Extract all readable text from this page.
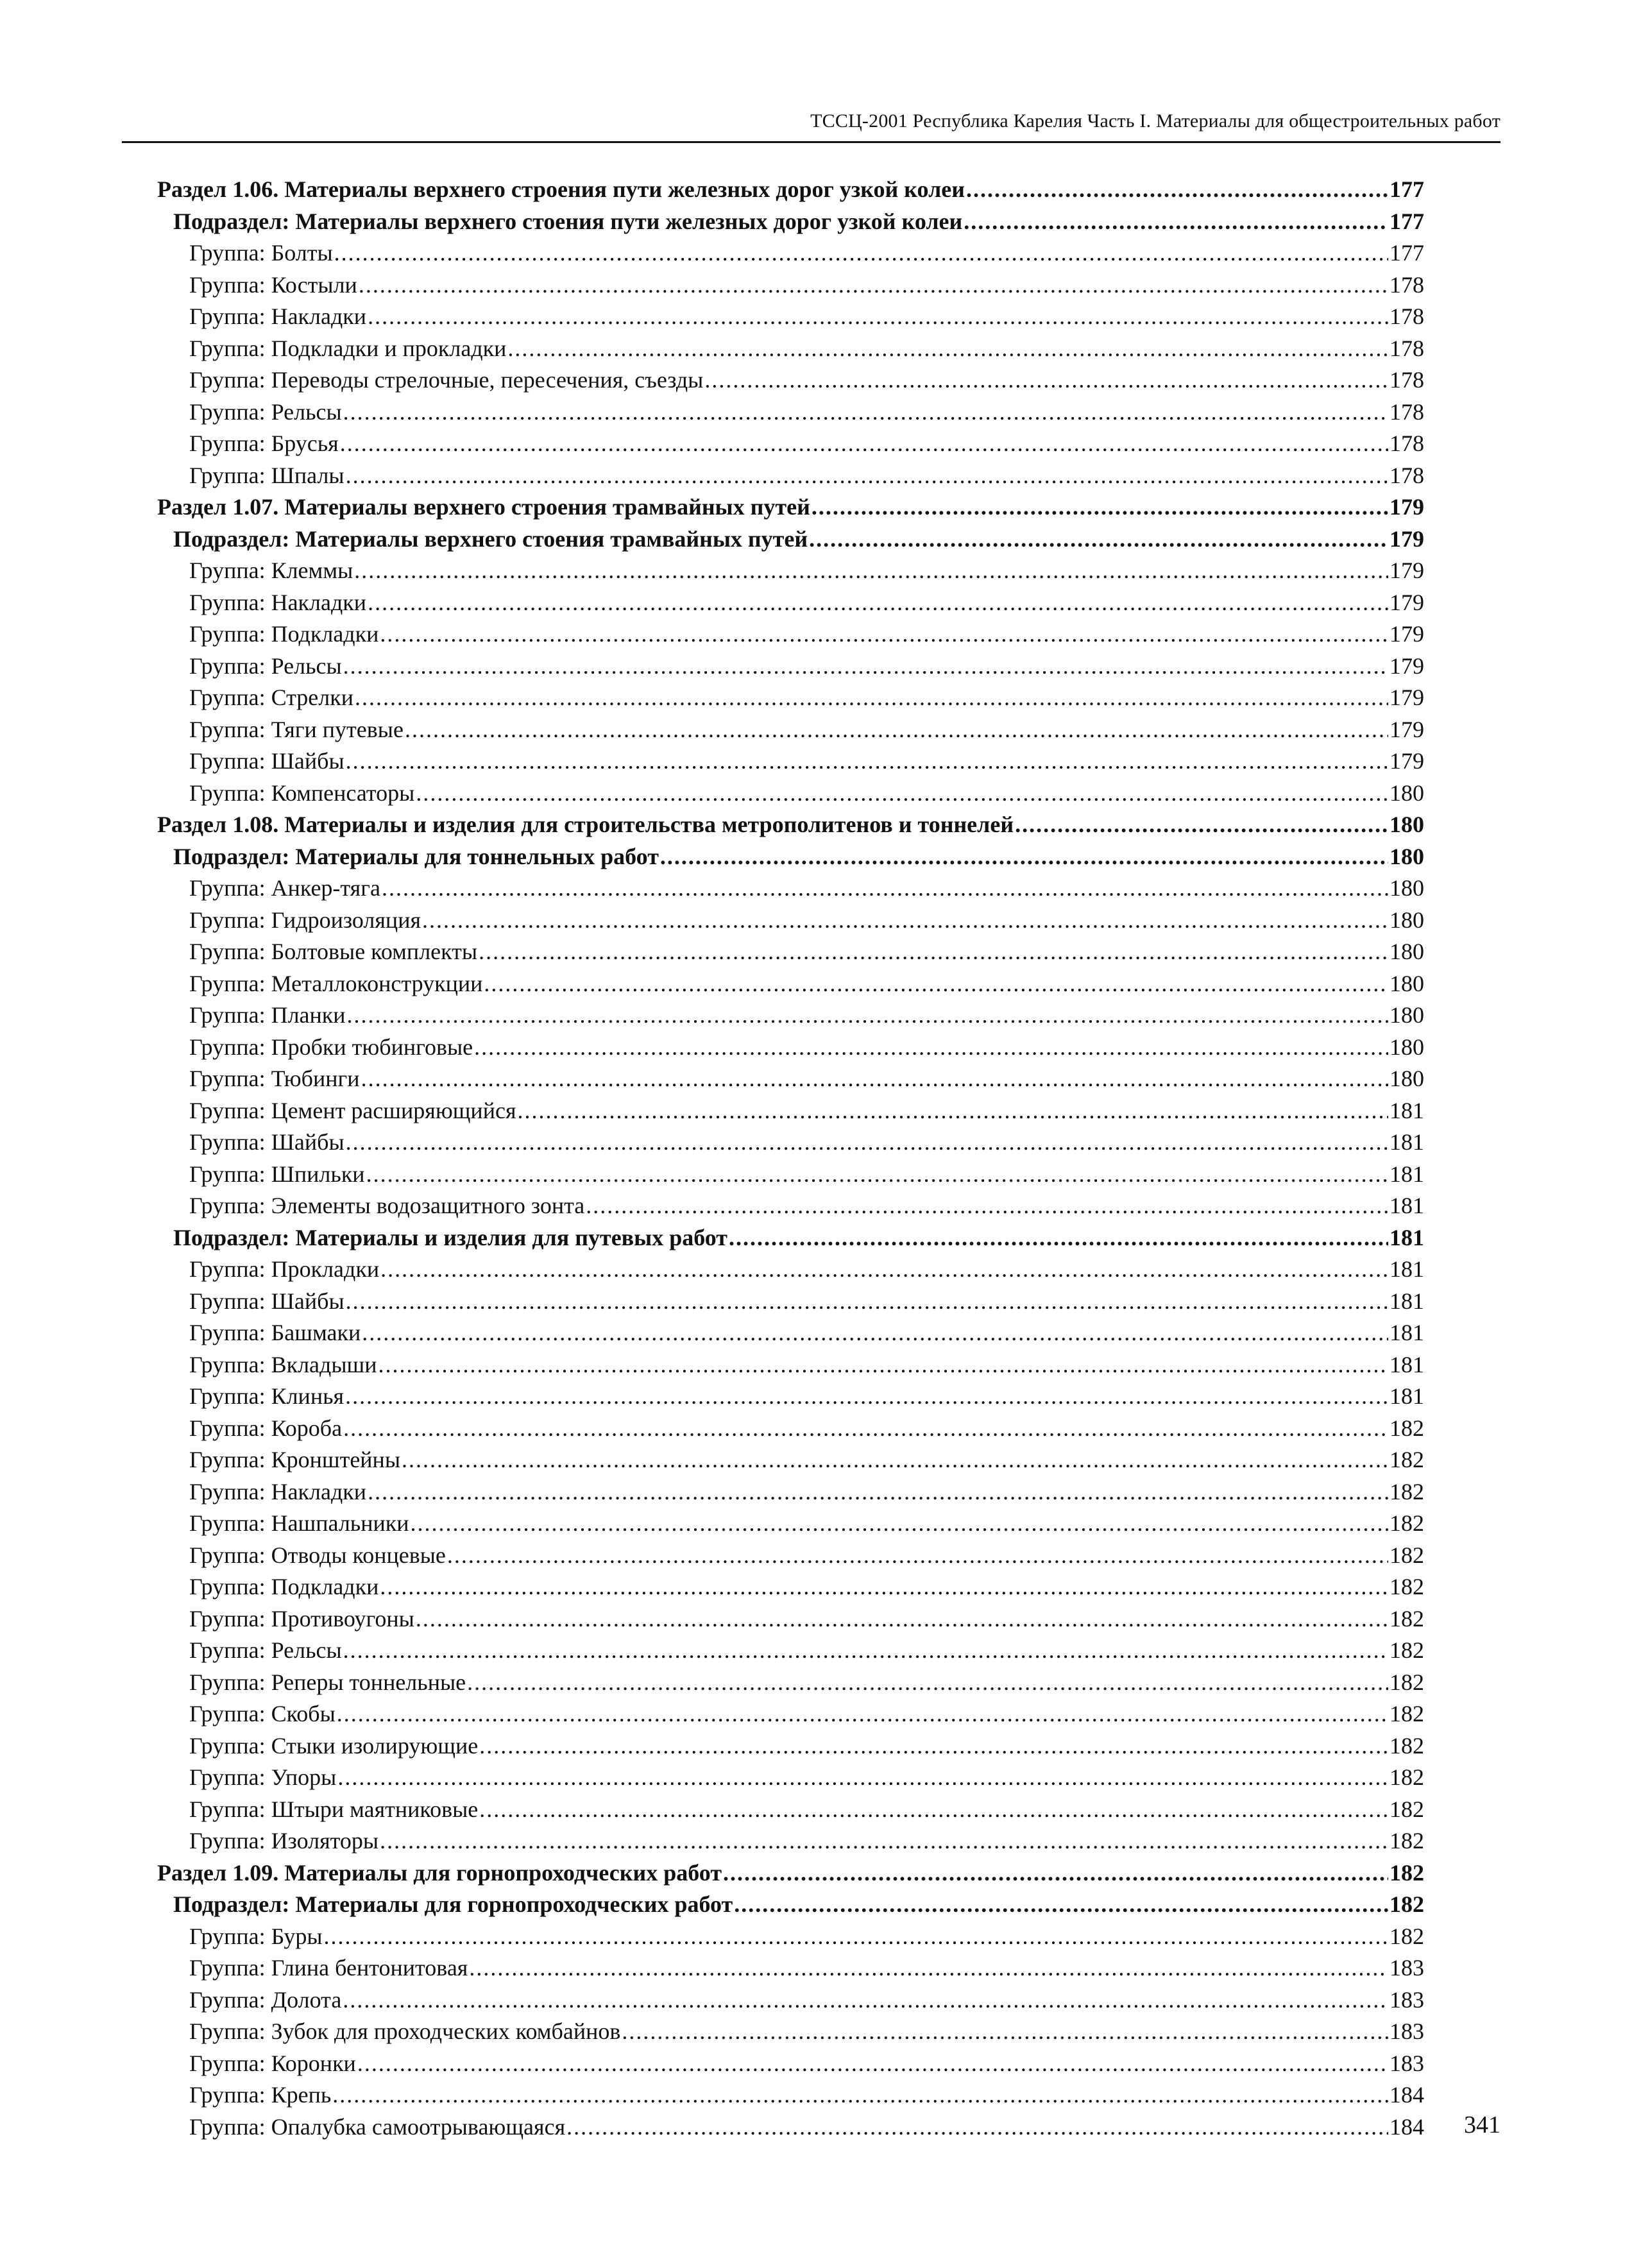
ТССЦ-2001 Республика Карелия Часть I. Материалы для общестроительных работ
Раздел 1.06. Материалы верхнего строения пути железных дорог узкой колеи .....	177
Подраздел: Материалы верхнего стоения пути железных дорог узкой колеи .....	177
Группа: Болты .....	177
Группа: Костыли .....	178
Группа: Накладки .....	178
Группа: Подкладки и прокладки .....	178
Группа: Переводы стрелочные, пересечения, съезды .....	178
Группа: Рельсы .....	178
Группа: Брусья .....	178
Группа: Шпалы .....	178
Раздел 1.07. Материалы верхнего строения трамвайных путей .....	179
Подраздел: Материалы верхнего стоения трамвайных путей .....	179
Группа: Клеммы .....	179
Группа: Накладки .....	179
Группа: Подкладки .....	179
Группа: Рельсы .....	179
Группа: Стрелки .....	179
Группа: Тяги путевые .....	179
Группа: Шайбы .....	179
Группа: Компенсаторы .....	180
Раздел 1.08. Материалы и изделия для строительства метрополитенов и тоннелей .....	180
Подраздел: Материалы для тоннельных работ .....	180
Группа: Анкер-тяга .....	180
Группа: Гидроизоляция .....	180
Группа: Болтовые комплекты .....	180
Группа: Металлоконструкции .....	180
Группа: Планки .....	180
Группа: Пробки тюбинговые .....	180
Группа: Тюбинги .....	180
Группа: Цемент расширяющийся .....	181
Группа: Шайбы .....	181
Группа: Шпильки .....	181
Группа: Элементы водозащитного зонта .....	181
Подраздел: Материалы и изделия для путевых работ .....	181
Группа: Прокладки .....	181
Группа: Шайбы .....	181
Группа: Башмаки .....	181
Группа: Вкладыши .....	181
Группа: Клинья .....	181
Группа: Короба .....	182
Группа: Кронштейны .....	182
Группа: Накладки .....	182
Группа: Нашпальники .....	182
Группа: Отводы концевые .....	182
Группа: Подкладки .....	182
Группа: Противоугоны .....	182
Группа: Рельсы .....	182
Группа: Реперы тоннельные .....	182
Группа: Скобы .....	182
Группа: Стыки изолирующие .....	182
Группа: Упоры .....	182
Группа: Штыри маятниковые .....	182
Группа: Изоляторы .....	182
Раздел 1.09. Материалы для горнопроходческих работ .....	182
Подраздел: Материалы для горнопроходческих работ .....	182
Группа: Буры .....	182
Группа: Глина бентонитовая .....	183
Группа: Долота .....	183
Группа: Зубок для проходческих комбайнов .....	183
Группа: Коронки .....	183
Группа: Крепь .....	184
Группа: Опалубка самоотрывающаяся .....	184 341
